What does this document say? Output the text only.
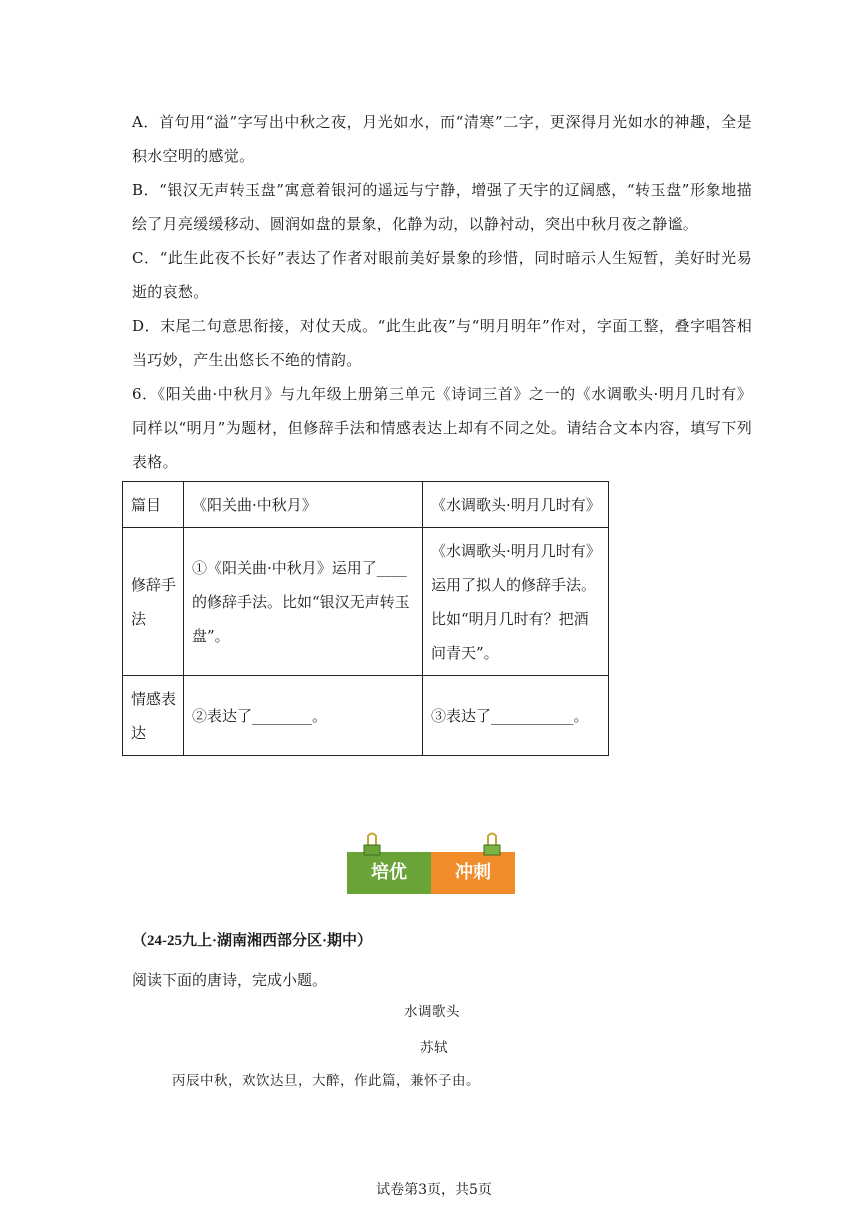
A．首句用“溢”字写出中秋之夜，月光如水，而“清寒”二字，更深得月光如水的神趣，全是积水空明的感觉。
B．“银汉无声转玉盘”寓意着银河的遥远与宁静，增强了天宇的辽阔感，“转玉盘”形象地描绘了月亮缓缓移动、圆润如盘的景象，化静为动，以静衬动，突出中秋月夜之静谧。
C．“此生此夜不长好”表达了作者对眼前美好景象的珍惜，同时暗示人生短暂，美好时光易逝的哀愁。
D．末尾二句意思衔接，对仗天成。“此生此夜”与“明月明年”作对，字面工整，叠字唱答相当巧妙，产生出悠长不绝的情韵。
6．《阳关曲·中秋月》与九年级上册第三单元《诗词三首》之一的《水调歌头·明月几时有》同样以“明月”为题材，但修辞手法和情感表达上却有不同之处。请结合文本内容，填写下列表格。
篇目	《阳关曲·中秋月》	《水调歌头·明月几时有》
修辞手法	①《阳关曲·中秋月》运用了____的修辞手法。比如“银汉无声转玉盘”。	《水调歌头·明月几时有》运用了拟人的修辞手法。比如“明月几时有？把酒问青天”。
情感表达	②表达了________。	③表达了___________。
培优	冲刺
（24-25九上·湖南湘西部分区·期中）
阅读下面的唐诗，完成小题。
水调歌头
苏轼
丙辰中秋，欢饮达旦，大醉，作此篇，兼怀子由。
试卷第3页，共5页
